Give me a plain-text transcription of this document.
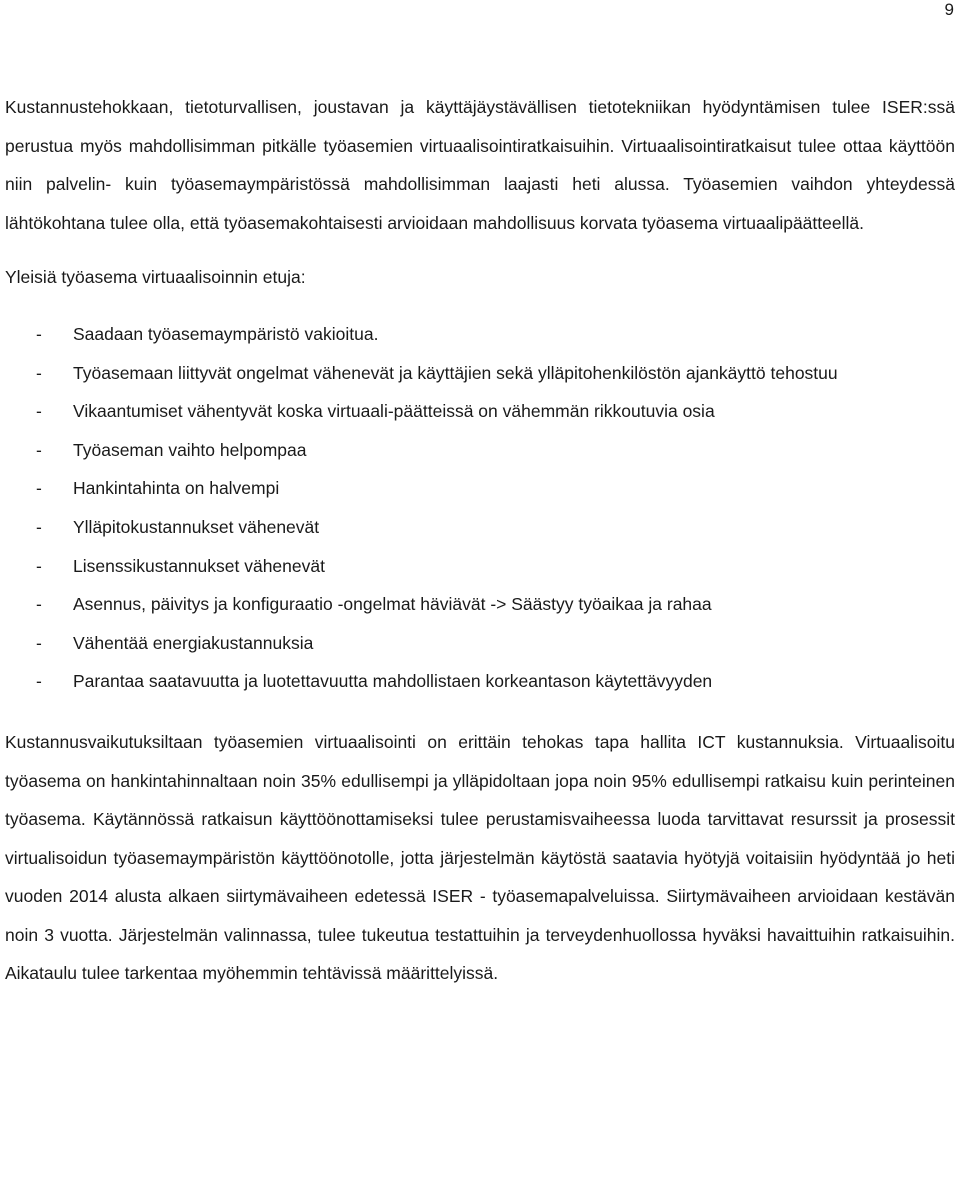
9

Kustannustehokkaan, tietoturvallisen, joustavan ja käyttäjäystävällisen tietotekniikan hyödyntämisen tulee ISER:ssä perustua myös mahdollisimman pitkälle työasemien virtuaalisointiratkaisuihin. Virtuaalisointiratkaisut tulee ottaa käyttöön niin palvelin- kuin työasemaympäristössä mahdollisimman laajasti heti alussa. Työasemien vaihdon yhteydessä lähtökohtana tulee olla, että työasemakohtaisesti arvioidaan mahdollisuus korvata työasema virtuaalipäätteellä.

Yleisiä työasema virtuaalisoinnin etuja:

- Saadaan työasemaympäristö vakioitua.
- Työasemaan liittyvät ongelmat vähenevät ja käyttäjien sekä ylläpitohenkilöstön ajankäyttö tehostuu
- Vikaantumiset vähentyvät koska virtuaali-päätteissä on vähemmän rikkoutuvia osia
- Työaseman vaihto helpompaa
- Hankintahinta on halvempi
- Ylläpitokustannukset vähenevät
- Lisenssikustannukset vähenevät
- Asennus, päivitys ja konfiguraatio -ongelmat häviävät -> Säästyy työaikaa ja rahaa
- Vähentää energiakustannuksia
- Parantaa saatavuutta ja luotettavuutta mahdollistaen korkeantason käytettävyyden

Kustannusvaikutuksiltaan työasemien virtuaalisointi on erittäin tehokas tapa hallita ICT kustannuksia. Virtuaalisoitu työasema on hankintahinnaltaan noin 35% edullisempi ja ylläpidoltaan jopa noin 95% edullisempi ratkaisu kuin perinteinen työasema. Käytännössä ratkaisun käyttöönottamiseksi tulee perustamisvaiheessa luoda tarvittavat resurssit ja prosessit virtualisoidun työasemaympäristön käyttöönotolle, jotta järjestelmän käytöstä saatavia hyötyjä voitaisiin hyödyntää jo heti vuoden 2014 alusta alkaen siirtymävaiheen edetessä ISER - työasemapalveluissa. Siirtymävaiheen arvioidaan kestävän noin 3 vuotta. Järjestelmän valinnassa, tulee tukeutua testattuihin ja terveydenhuollossa hyväksi havaittuihin ratkaisuihin. Aikataulu tulee tarkentaa myöhemmin tehtävissä määrittelyissä.
